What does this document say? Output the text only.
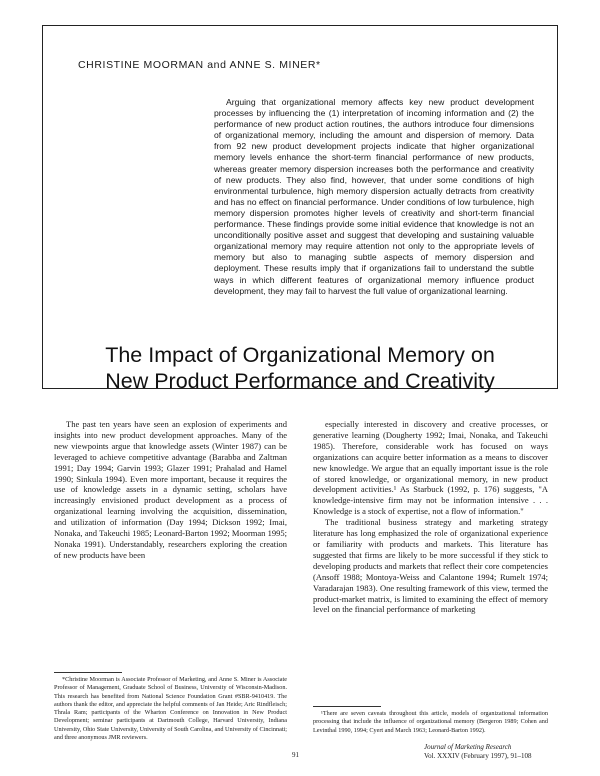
CHRISTINE MOORMAN and ANNE S. MINER*
Arguing that organizational memory affects key new product development processes by influencing the (1) interpretation of incoming information and (2) the performance of new product action routines, the authors introduce four dimensions of organizational memory, including the amount and dispersion of memory. Data from 92 new product development projects indicate that higher organizational memory levels enhance the short-term financial performance of new products, whereas greater memory dispersion increases both the performance and creativity of new products. They also find, however, that under some conditions of high environmental turbulence, high memory dispersion actually detracts from creativity and has no effect on financial performance. Under conditions of low turbulence, high memory dispersion promotes higher levels of creativity and short-term financial performance. These findings provide some initial evidence that knowledge is not an unconditionally positive asset and suggest that developing and sustaining valuable organizational memory may require attention not only to the appropriate levels of memory but also to managing subtle aspects of memory dispersion and deployment. These results imply that if organizations fail to understand the subtle ways in which different features of organizational memory influence product development, they may fail to harvest the full value of organizational learning.
The Impact of Organizational Memory on
New Product Performance and Creativity

The past ten years have seen an explosion of experiments and insights into new product development approaches. Many of the new viewpoints argue that knowledge assets (Winter 1987) can be leveraged to achieve competitive advantage (Barabba and Zaltman 1991; Day 1994; Garvin 1993; Glazer 1991; Prahalad and Hamel 1990; Sinkula 1994). Even more important, because it requires the use of knowledge assets in a dynamic setting, scholars have increasingly envisioned product development as a process of organizational learning involving the acquisition, dissemination, and utilization of information (Day 1994; Dickson 1992; Imai, Nonaka, and Takeuchi 1985; Leonard-Barton 1992; Moorman 1995; Nonaka 1991). Understandably, researchers exploring the creation of new products have been

especially interested in discovery and creative processes, or generative learning (Dougherty 1992; Imai, Nonaka, and Takeuchi 1985). Therefore, considerable work has focused on ways organizations can acquire better information as a means to discover new knowledge. We argue that an equally important issue is the role of stored knowledge, or organizational memory, in new product development activities.¹ As Starbuck (1992, p. 176) suggests, "A knowledge-intensive firm may not be information intensive . . . Knowledge is a stock of expertise, not a flow of information."

The traditional business strategy and marketing strategy literature has long emphasized the role of organizational experience or familiarity with products and markets. This literature has suggested that firms are likely to be more successful if they stick to developing products and markets that reflect their core competencies (Ansoff 1988; Montoya-Weiss and Calantone 1994; Rumelt 1974; Varadarajan 1983). One resulting framework of this view, termed the product-market matrix, is limited to examining the effect of memory level on the financial performance of marketing

*Christine Moorman is Associate Professor of Marketing, and Anne S. Miner is Associate Professor of Management, Graduate School of Business, University of Wisconsin-Madison. This research has benefited from National Science Foundation Grant #SBR-9410419. The authors thank the editor, and appreciate the helpful comments of Jan Heide; Aric Rindfleisch; Thrala Ram; participants of the Wharton Conference on Innovation in New Product Development; seminar participants at Dartmouth College, Harvard University, Indiana University, Ohio State University, University of South Carolina, and University of Cincinnati; and three anonymous JMR reviewers.

¹There are seven caveats throughout this article, models of organizational information processing that include the influence of organizational memory (Bergeron 1989; Cohen and Levinthal 1990, 1994; Cyert and March 1963; Leonard-Barton 1992).

91
Journal of Marketing Research
Vol. XXXIV (February 1997), 91–108
